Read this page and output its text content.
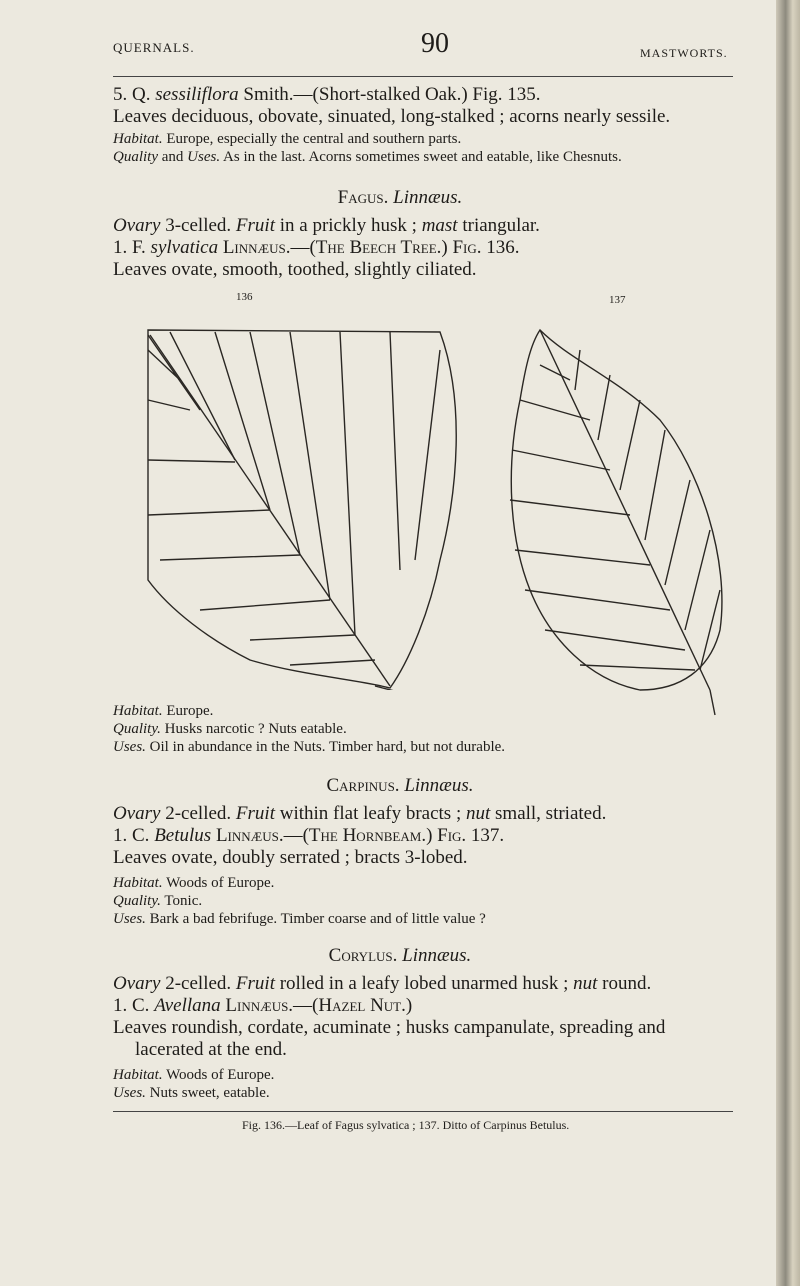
QUERNALS.	90	MASTWORTS.
5. Q. sessiliflora Smith.—(Short-stalked Oak.) Fig. 135.
Leaves deciduous, obovate, sinuated, long-stalked ; acorns nearly sessile.
Habitat. Europe, especially the central and southern parts.
Quality and Uses. As in the last. Acorns sometimes sweet and eatable, like Chesnuts.
Fagus. Linnæus.
Ovary 3-celled. Fruit in a prickly husk ; mast triangular.
1. F. sylvatica Linnæus.—(The Beech Tree.) Fig. 136.
Leaves ovate, smooth, toothed, slightly ciliated.
136	137
Habitat. Europe.
Quality. Husks narcotic ? Nuts eatable.
Uses. Oil in abundance in the Nuts. Timber hard, but not durable.
Carpinus. Linnæus.
Ovary 2-celled. Fruit within flat leafy bracts ; nut small, striated.
1. C. Betulus Linnæus.—(The Hornbeam.) Fig. 137.
Leaves ovate, doubly serrated ; bracts 3-lobed.
Habitat. Woods of Europe.
Quality. Tonic.
Uses. Bark a bad febrifuge. Timber coarse and of little value ?
Corylus. Linnæus.
Ovary 2-celled. Fruit rolled in a leafy lobed unarmed husk ; nut round.
1. C. Avellana Linnæus.—(Hazel Nut.)
Leaves roundish, cordate, acuminate ; husks campanulate, spreading and
lacerated at the end.
Habitat. Woods of Europe.
Uses. Nuts sweet, eatable.
Fig. 136.—Leaf of Fagus sylvatica ; 137. Ditto of Carpinus Betulus.
